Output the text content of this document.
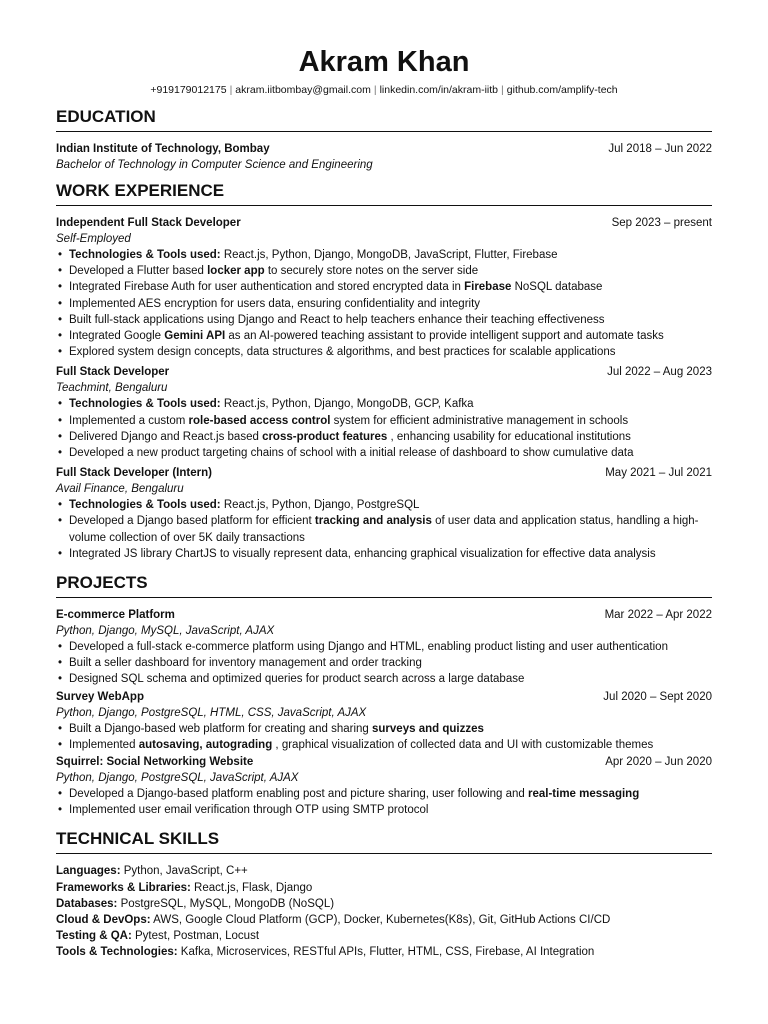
Akram Khan
+919179012175 | akram.iitbombay@gmail.com | linkedin.com/in/akram-iitb | github.com/amplify-tech
EDUCATION
Indian Institute of Technology, Bombay	Jul 2018 – Jun 2022
Bachelor of Technology in Computer Science and Engineering
WORK EXPERIENCE
Independent Full Stack Developer	Sep 2023 – present
Self-Employed
• Technologies & Tools used: React.js, Python, Django, MongoDB, JavaScript, Flutter, Firebase
• Developed a Flutter based locker app to securely store notes on the server side
• Integrated Firebase Auth for user authentication and stored encrypted data in Firebase NoSQL database
• Implemented AES encryption for users data, ensuring confidentiality and integrity
• Built full-stack applications using Django and React to help teachers enhance their teaching effectiveness
• Integrated Google Gemini API as an AI-powered teaching assistant to provide intelligent support and automate tasks
• Explored system design concepts, data structures & algorithms, and best practices for scalable applications
Full Stack Developer	Jul 2022 – Aug 2023
Teachmint, Bengaluru
• Technologies & Tools used: React.js, Python, Django, MongoDB, GCP, Kafka
• Implemented a custom role-based access control system for efficient administrative management in schools
• Delivered Django and React.js based cross-product features , enhancing usability for educational institutions
• Developed a new product targeting chains of school with a initial release of dashboard to show cumulative data
Full Stack Developer (Intern)	May 2021 – Jul 2021
Avail Finance, Bengaluru
• Technologies & Tools used: React.js, Python, Django, PostgreSQL
• Developed a Django based platform for efficient tracking and analysis of user data and application status, handling a high-volume collection of over 5K daily transactions
• Integrated JS library ChartJS to visually represent data, enhancing graphical visualization for effective data analysis
PROJECTS
E-commerce Platform	Mar 2022 – Apr 2022
Python, Django, MySQL, JavaScript, AJAX
• Developed a full-stack e-commerce platform using Django and HTML, enabling product listing and user authentication
• Built a seller dashboard for inventory management and order tracking
• Designed SQL schema and optimized queries for product search across a large database
Survey WebApp	Jul 2020 – Sept 2020
Python, Django, PostgreSQL, HTML, CSS, JavaScript, AJAX
• Built a Django-based web platform for creating and sharing surveys and quizzes
• Implemented autosaving, autograding , graphical visualization of collected data and UI with customizable themes
Squirrel: Social Networking Website	Apr 2020 – Jun 2020
Python, Django, PostgreSQL, JavaScript, AJAX
• Developed a Django-based platform enabling post and picture sharing, user following and real-time messaging
• Implemented user email verification through OTP using SMTP protocol
TECHNICAL SKILLS
Languages: Python, JavaScript, C++
Frameworks & Libraries: React.js, Flask, Django
Databases: PostgreSQL, MySQL, MongoDB (NoSQL)
Cloud & DevOps: AWS, Google Cloud Platform (GCP), Docker, Kubernetes(K8s), Git, GitHub Actions CI/CD
Testing & QA: Pytest, Postman, Locust
Tools & Technologies: Kafka, Microservices, RESTful APIs, Flutter, HTML, CSS, Firebase, AI Integration
